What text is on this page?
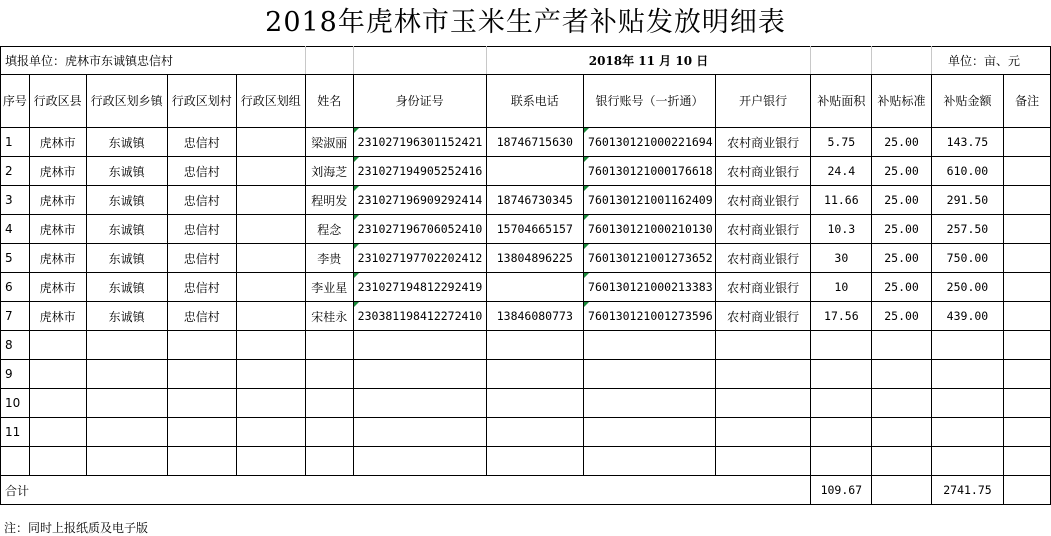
2018年虎林市玉米生产者补贴发放明细表
填报单位：虎林市东诚镇忠信村							2018年 11 月 10 日					单位：亩、元	
序号	行政区县	行政区划乡镇	行政区划村	行政区划组	姓名	身份证号	联系电话	银行账号（一折通）	开户银行	补贴面积	补贴标准	补贴金额	备注
1	虎林市	东诚镇	忠信村		梁淑丽	231027196301152421	18746715630	760130121000221694	农村商业银行	5.75	25.00	143.75	
2	虎林市	东诚镇	忠信村		刘海芝	231027194905252416		760130121000176618	农村商业银行	24.4	25.00	610.00	
3	虎林市	东诚镇	忠信村		程明发	231027196909292414	18746730345	760130121001162409	农村商业银行	11.66	25.00	291.50	
4	虎林市	东诚镇	忠信村		程念	231027196706052410	15704665157	760130121000210130	农村商业银行	10.3	25.00	257.50	
5	虎林市	东诚镇	忠信村		李贵	231027197702202412	13804896225	760130121001273652	农村商业银行	30	25.00	750.00	
6	虎林市	东诚镇	忠信村		李业星	231027194812292419		760130121000213383	农村商业银行	10	25.00	250.00	
7	虎林市	东诚镇	忠信村		宋桂永	230381198412272410	13846080773	760130121001273596	农村商业银行	17.56	25.00	439.00	
8													
9													
10													
11													

合计										109.67		2741.75	
注：同时上报纸质及电子版
